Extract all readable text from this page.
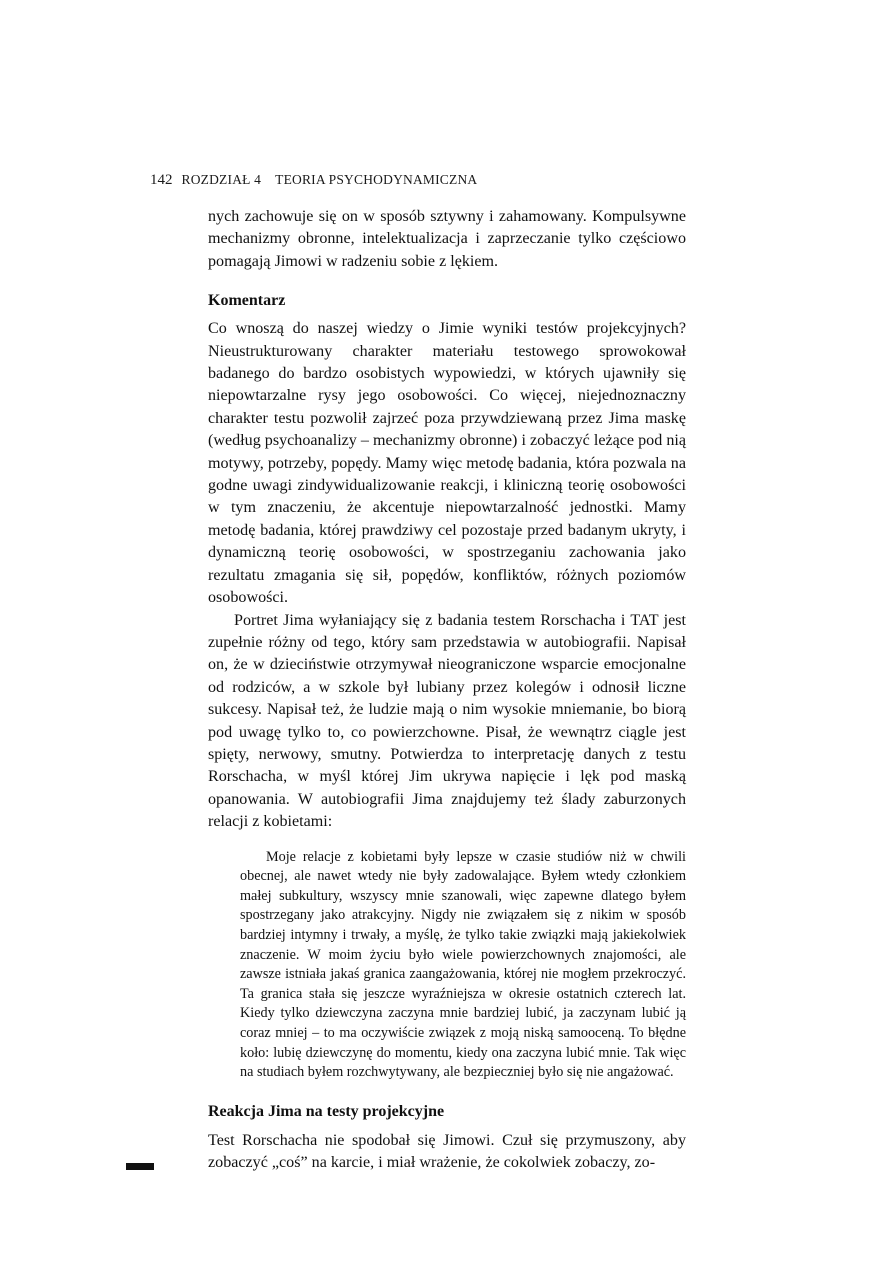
142 ROZDZIAŁ 4 TEORIA PSYCHODYNAMICZNA

nych zachowuje się on w sposób sztywny i zahamowany. Kompulsywne mechanizmy obronne, intelektualizacja i zaprzeczanie tylko częściowo pomagają Jimowi w radzeniu sobie z lękiem.

Komentarz

Co wnoszą do naszej wiedzy o Jimie wyniki testów projekcyjnych? Nieustrukturowany charakter materiału testowego sprowokował badanego do bardzo osobistych wypowiedzi, w których ujawniły się niepowtarzalne rysy jego osobowości. Co więcej, niejednoznaczny charakter testu pozwolił zajrzeć poza przywdziewaną przez Jima maskę (według psychoanalizy – mechanizmy obronne) i zobaczyć leżące pod nią motywy, potrzeby, popędy. Mamy więc metodę badania, która pozwala na godne uwagi zindywidualizowanie reakcji, i kliniczną teorię osobowości w tym znaczeniu, że akcentuje niepowtarzalność jednostki. Mamy metodę badania, której prawdziwy cel pozostaje przed badanym ukryty, i dynamiczną teorię osobowości, w spostrzeganiu zachowania jako rezultatu zmagania się sił, popędów, konfliktów, różnych poziomów osobowości.

Portret Jima wyłaniający się z badania testem Rorschacha i TAT jest zupełnie różny od tego, który sam przedstawia w autobiografii. Napisał on, że w dzieciństwie otrzymywał nieograniczone wsparcie emocjonalne od rodziców, a w szkole był lubiany przez kolegów i odnosił liczne sukcesy. Napisał też, że ludzie mają o nim wysokie mniemanie, bo biorą pod uwagę tylko to, co powierzchowne. Pisał, że wewnątrz ciągle jest spięty, nerwowy, smutny. Potwierdza to interpretację danych z testu Rorschacha, w myśl której Jim ukrywa napięcie i lęk pod maską opanowania. W autobiografii Jima znajdujemy też ślady zaburzonych relacji z kobietami:

Moje relacje z kobietami były lepsze w czasie studiów niż w chwili obecnej, ale nawet wtedy nie były zadowalające. Byłem wtedy członkiem małej subkultury, wszyscy mnie szanowali, więc zapewne dlatego byłem spostrzegany jako atrakcyjny. Nigdy nie związałem się z nikim w sposób bardziej intymny i trwały, a myślę, że tylko takie związki mają jakiekolwiek znaczenie. W moim życiu było wiele powierzchownych znajomości, ale zawsze istniała jakaś granica zaangażowania, której nie mogłem przekroczyć. Ta granica stała się jeszcze wyraźniejsza w okresie ostatnich czterech lat. Kiedy tylko dziewczyna zaczyna mnie bardziej lubić, ja zaczynam lubić ją coraz mniej – to ma oczywiście związek z moją niską samooceną. To błędne koło: lubię dziewczynę do momentu, kiedy ona zaczyna lubić mnie. Tak więc na studiach byłem rozchwytywany, ale bezpieczniej było się nie angażować.

Reakcja Jima na testy projekcyjne

Test Rorschacha nie spodobał się Jimowi. Czuł się przymuszony, aby zobaczyć „coś” na karcie, i miał wrażenie, że cokolwiek zobaczy, zo-
